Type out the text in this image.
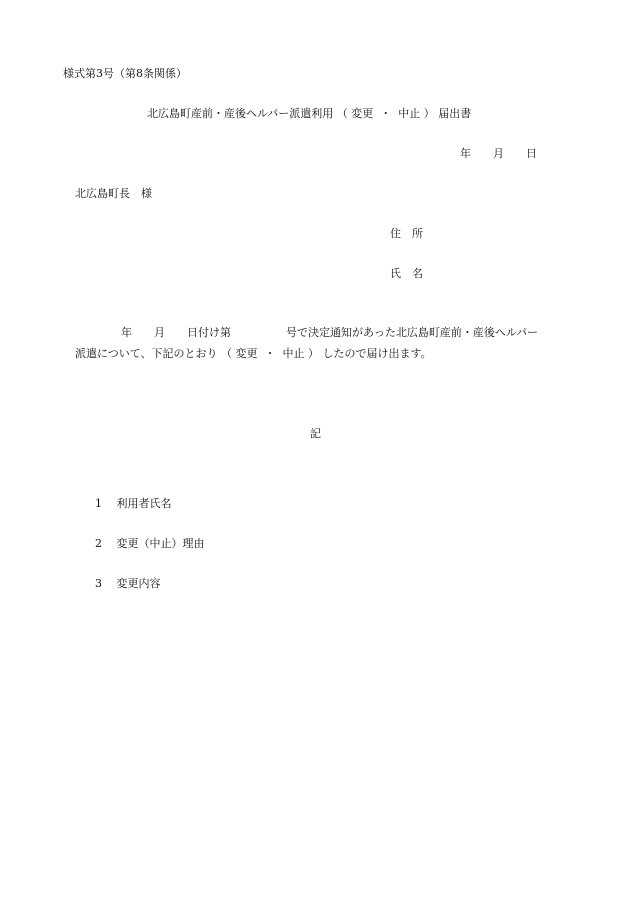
様式第3号（第8条関係）
北広島町産前・産後ヘルパー派遣利用 （ 変更  ・  中止 ） 届出書
年　　月　　日
北広島町長　様
住　所
氏　名
年　　月　　日付け第　　　　　号で決定通知があった北広島町産前・産後ヘルパー
派遣について、下記のとおり （ 変更  ・  中止 ） したので届け出ます。
記
1　 利用者氏名
2　 変更（中止）理由
3　 変更内容
